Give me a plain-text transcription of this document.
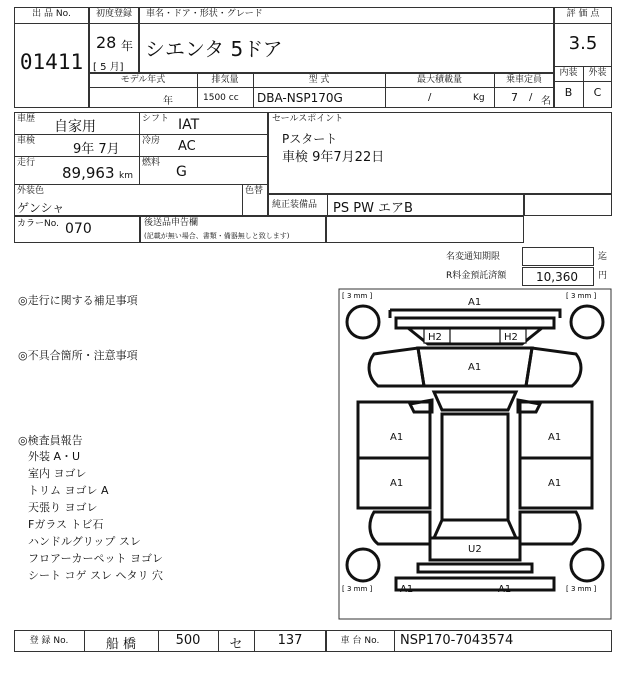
出 品 No.
01411
初度登録
28 年
[ 5 月]
車名・ドア・形状・グレード
シエンタ 5ドア
評 価 点
3.5
内装	外装
B	C
モデル年式
年
排気量
1500 cc
型 式
DBA-NSP170G
最大積載量
/	Kg
乗車定員
7 / 名
車歴 自家用	シフト IAT
車検
9年 7月
冷房 AC
走行
89,963 km
燃料
G
外装色
ゲンシャ
色替
カラーNo. 070	後送品申告欄
(記載が無い場合、書類・備器無しと致します)
セールスポイント
Pスタート
車検 9年7月22日
純正装備品 PS PW エアB
名変通知期限	迄
R料金預託済額 10,360 円
◎走行に関する補足事項
◎不具合箇所・注意事項
◎検査員報告
外装 A・U
室内 ヨゴレ
トリム ヨゴレ A
天張り ヨゴレ
Fガラス トビ石
ハンドルグリップ スレ
フロアーカーペット ヨゴレ
シート コゲ スレ ヘタリ 穴
[ 3 mm ]	[ 3 mm ]
[ 3 mm ]	[ 3 mm ]
A1
H2	H2
A1
A1	A1
A1	A1
U2
A1	A1
登 録 No.	船 橋	500	セ	137	車 台 No.	NSP170-7043574
